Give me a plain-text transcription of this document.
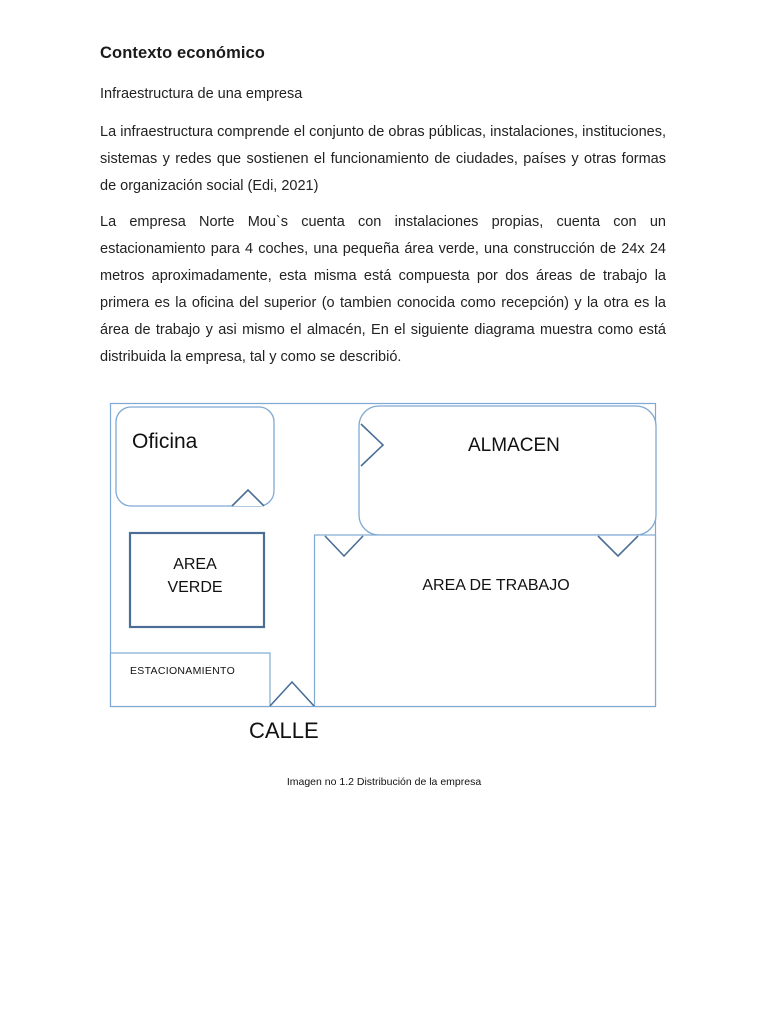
Contexto económico

Infraestructura de una empresa

La infraestructura comprende el conjunto de obras públicas, instalaciones, instituciones, sistemas y redes que sostienen el funcionamiento de ciudades, países y otras formas de organización social (Edi, 2021)

La empresa Norte Mou`s cuenta con instalaciones propias, cuenta con un estacionamiento para 4 coches, una pequeña área verde, una construcción de 24x 24 metros aproximadamente, esta misma está compuesta por dos áreas de trabajo la primera es la oficina del superior (o tambien conocida como recepción) y la otra es la área de trabajo y asi mismo el almacén, En el siguiente diagrama muestra como está distribuida la empresa, tal y como se describió.

Oficina	ALMACEN
AREA
VERDE	AREA DE TRABAJO
ESTACIONAMIENTO
CALLE

Imagen no 1.2 Distribución de la empresa
